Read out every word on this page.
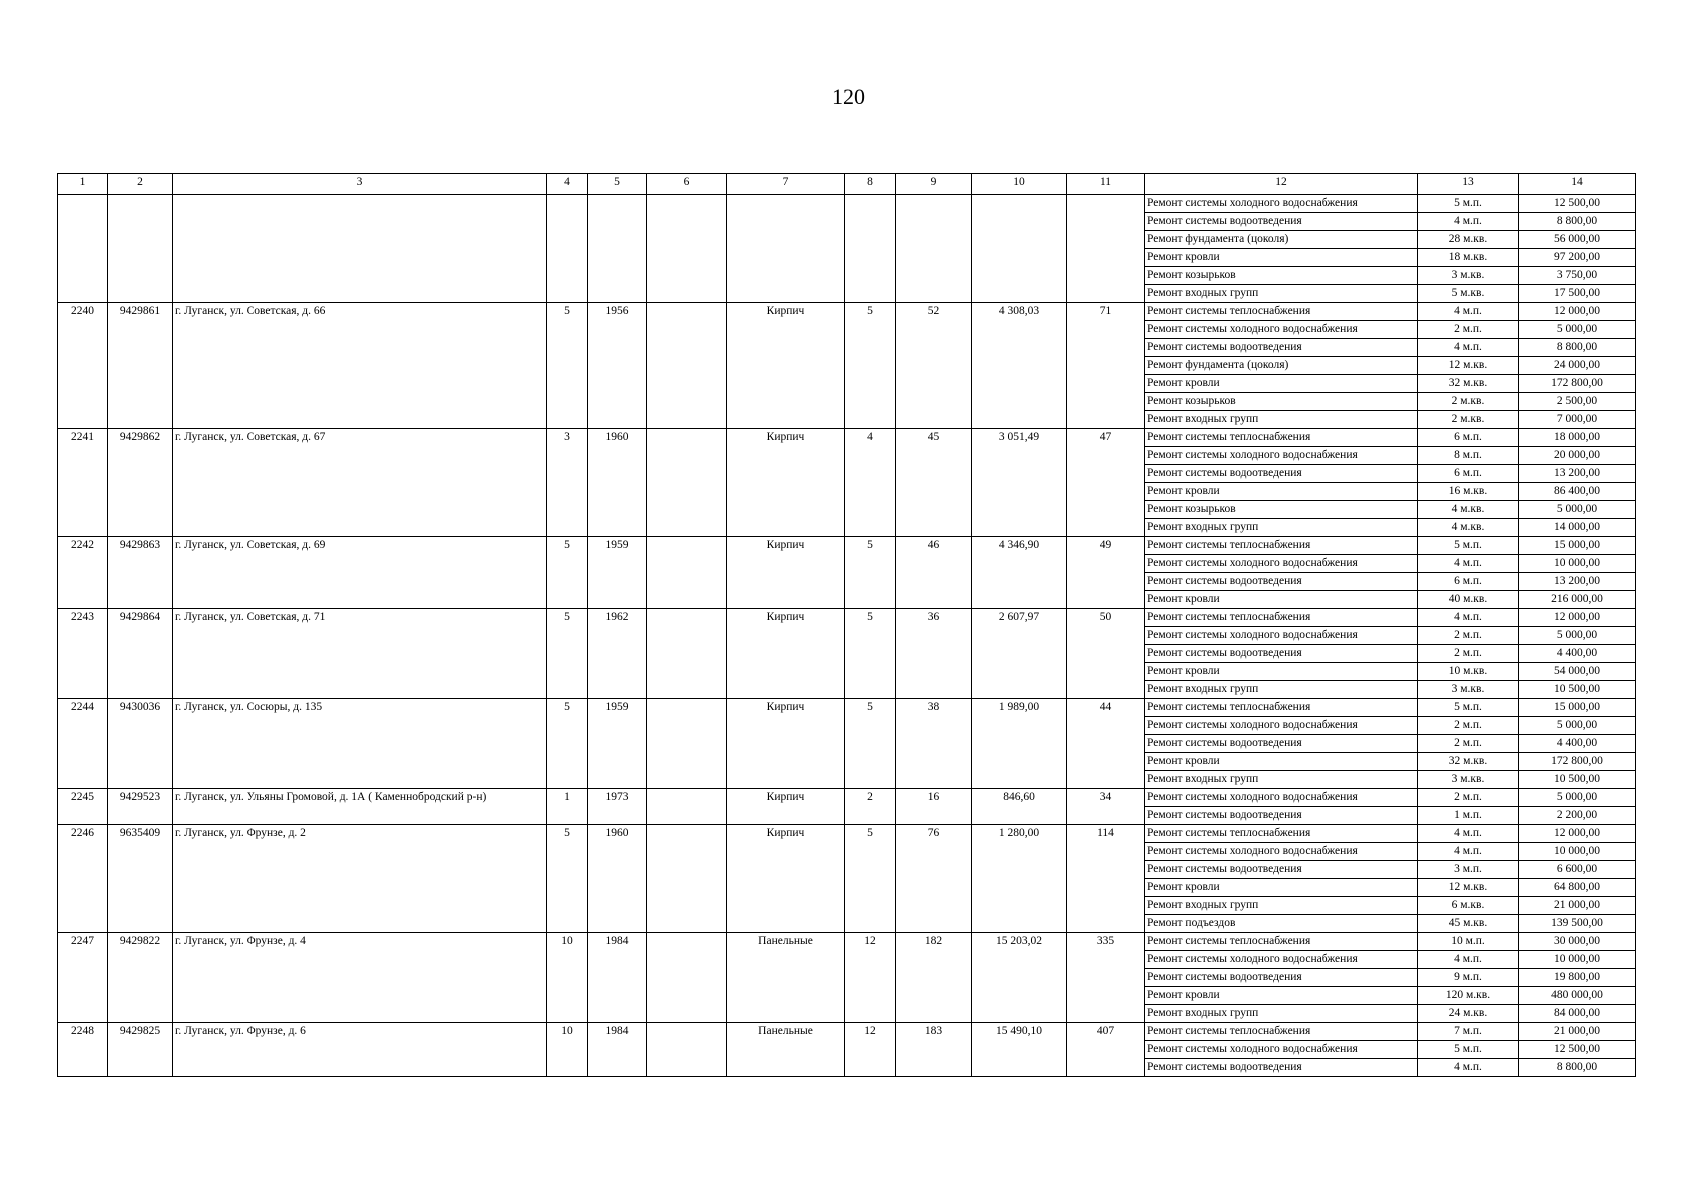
120
1	2	3	4	5	6	7	8	9	10	11	12	13	14
											Ремонт системы холодного водоснабжения	5 м.п.	12 500,00
											Ремонт системы водоотведения	4 м.п.	8 800,00
											Ремонт фундамента (цоколя)	28 м.кв.	56 000,00
											Ремонт кровли	18 м.кв.	97 200,00
											Ремонт козырьков	3 м.кв.	3 750,00
											Ремонт входных групп	5 м.кв.	17 500,00
2240	9429861	г. Луганск, ул. Советская, д. 66	5	1956		Кирпич	5	52	4 308,03	71	Ремонт системы теплоснабжения	4 м.п.	12 000,00
											Ремонт системы холодного водоснабжения	2 м.п.	5 000,00
											Ремонт системы водоотведения	4 м.п.	8 800,00
											Ремонт фундамента (цоколя)	12 м.кв.	24 000,00
											Ремонт кровли	32 м.кв.	172 800,00
											Ремонт козырьков	2 м.кв.	2 500,00
											Ремонт входных групп	2 м.кв.	7 000,00
2241	9429862	г. Луганск, ул. Советская, д. 67	3	1960		Кирпич	4	45	3 051,49	47	Ремонт системы теплоснабжения	6 м.п.	18 000,00
											Ремонт системы холодного водоснабжения	8 м.п.	20 000,00
											Ремонт системы водоотведения	6 м.п.	13 200,00
											Ремонт кровли	16 м.кв.	86 400,00
											Ремонт козырьков	4 м.кв.	5 000,00
											Ремонт входных групп	4 м.кв.	14 000,00
2242	9429863	г. Луганск, ул. Советская, д. 69	5	1959		Кирпич	5	46	4 346,90	49	Ремонт системы теплоснабжения	5 м.п.	15 000,00
											Ремонт системы холодного водоснабжения	4 м.п.	10 000,00
											Ремонт системы водоотведения	6 м.п.	13 200,00
											Ремонт кровли	40 м.кв.	216 000,00
2243	9429864	г. Луганск, ул. Советская, д. 71	5	1962		Кирпич	5	36	2 607,97	50	Ремонт системы теплоснабжения	4 м.п.	12 000,00
											Ремонт системы холодного водоснабжения	2 м.п.	5 000,00
											Ремонт системы водоотведения	2 м.п.	4 400,00
											Ремонт кровли	10 м.кв.	54 000,00
											Ремонт входных групп	3 м.кв.	10 500,00
2244	9430036	г. Луганск, ул. Сосюры, д. 135	5	1959		Кирпич	5	38	1 989,00	44	Ремонт системы теплоснабжения	5 м.п.	15 000,00
											Ремонт системы холодного водоснабжения	2 м.п.	5 000,00
											Ремонт системы водоотведения	2 м.п.	4 400,00
											Ремонт кровли	32 м.кв.	172 800,00
											Ремонт входных групп	3 м.кв.	10 500,00
2245	9429523	г. Луганск, ул. Ульяны Громовой, д. 1А ( Каменнобродский р-н)	1	1973		Кирпич	2	16	846,60	34	Ремонт системы холодного водоснабжения	2 м.п.	5 000,00
											Ремонт системы водоотведения	1 м.п.	2 200,00
2246	9635409	г. Луганск, ул. Фрунзе, д. 2	5	1960		Кирпич	5	76	1 280,00	114	Ремонт системы теплоснабжения	4 м.п.	12 000,00
											Ремонт системы холодного водоснабжения	4 м.п.	10 000,00
											Ремонт системы водоотведения	3 м.п.	6 600,00
											Ремонт кровли	12 м.кв.	64 800,00
											Ремонт входных групп	6 м.кв.	21 000,00
											Ремонт подъездов	45 м.кв.	139 500,00
2247	9429822	г. Луганск, ул. Фрунзе, д. 4	10	1984		Панельные	12	182	15 203,02	335	Ремонт системы теплоснабжения	10 м.п.	30 000,00
											Ремонт системы холодного водоснабжения	4 м.п.	10 000,00
											Ремонт системы водоотведения	9 м.п.	19 800,00
											Ремонт кровли	120 м.кв.	480 000,00
											Ремонт входных групп	24 м.кв.	84 000,00
2248	9429825	г. Луганск, ул. Фрунзе, д. 6	10	1984		Панельные	12	183	15 490,10	407	Ремонт системы теплоснабжения	7 м.п.	21 000,00
											Ремонт системы холодного водоснабжения	5 м.п.	12 500,00
											Ремонт системы водоотведения	4 м.п.	8 800,00
